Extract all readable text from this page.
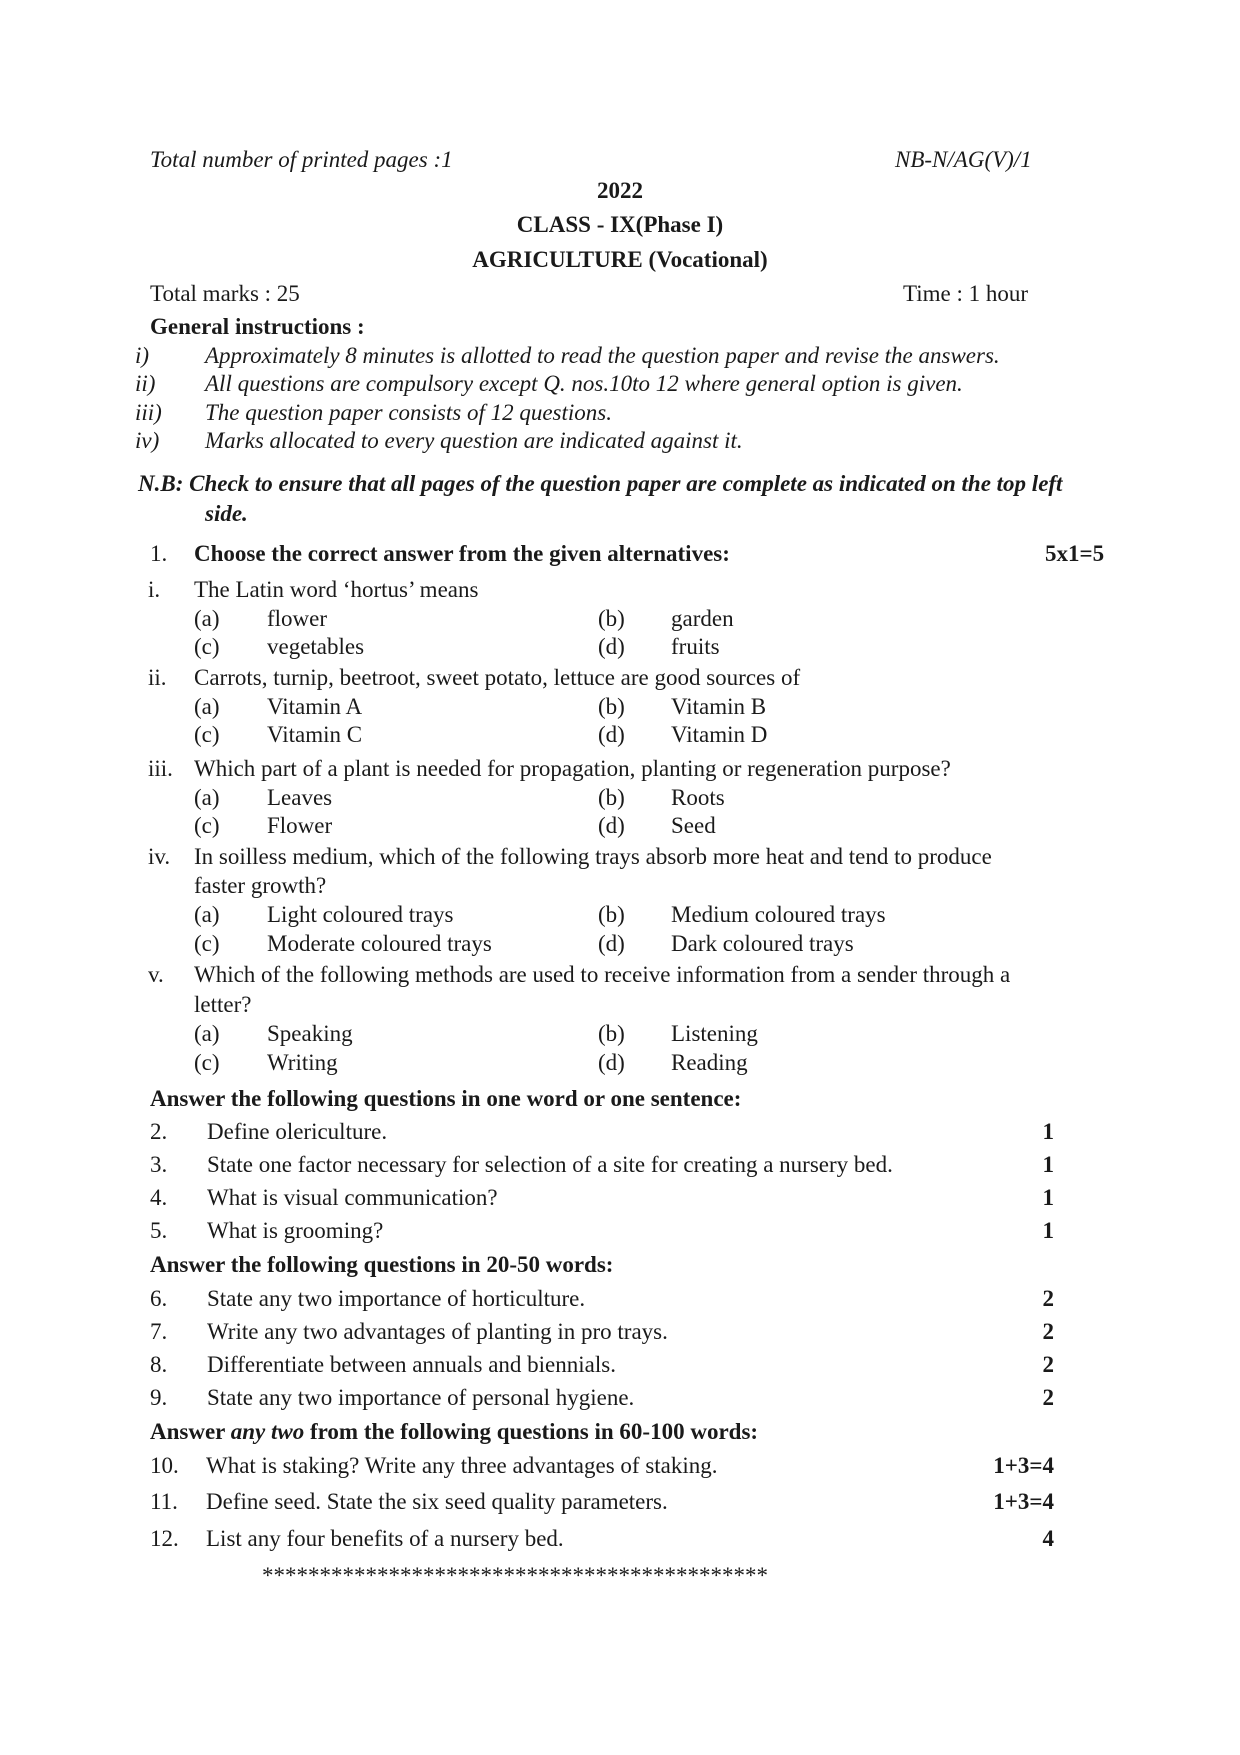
Total number of printed pages :1	NB-N/AG(V)/1
2022
CLASS - IX(Phase I)
AGRICULTURE (Vocational)
Total marks : 25	Time : 1 hour
General instructions :
i) Approximately 8 minutes is allotted to read the question paper and revise the answers.
ii) All questions are compulsory except Q. nos.10to 12 where general option is given.
iii) The question paper consists of 12 questions.
iv) Marks allocated to every question are indicated against it.
N.B: Check to ensure that all pages of the question paper are complete as indicated on the top left
side.
1. Choose the correct answer from the given alternatives:	5x1=5
i. The Latin word ‘hortus’ means
(a) flower	(b) garden
(c) vegetables	(d) fruits
ii. Carrots, turnip, beetroot, sweet potato, lettuce are good sources of
(a) Vitamin A	(b) Vitamin B
(c) Vitamin C	(d) Vitamin D
iii. Which part of a plant is needed for propagation, planting or regeneration purpose?
(a) Leaves	(b) Roots
(c) Flower	(d) Seed
iv. In soilless medium, which of the following trays absorb more heat and tend to produce
faster growth?
(a) Light coloured trays	(b) Medium coloured trays
(c) Moderate coloured trays	(d) Dark coloured trays
v. Which of the following methods are used to receive information from a sender through a
letter?
(a) Speaking	(b) Listening
(c) Writing	(d) Reading
Answer the following questions in one word or one sentence:
2. Define olericulture.	1
3. State one factor necessary for selection of a site for creating a nursery bed.	1
4. What is visual communication?	1
5. What is grooming?	1
Answer the following questions in 20-50 words:
6. State any two importance of horticulture.	2
7. Write any two advantages of planting in pro trays.	2
8. Differentiate between annuals and biennials.	2
9. State any two importance of personal hygiene.	2
Answer any two from the following questions in 60-100 words:
10. What is staking? Write any three advantages of staking.	1+3=4
11. Define seed. State the six seed quality parameters.	1+3=4
12. List any four benefits of a nursery bed.	4
********************************************
